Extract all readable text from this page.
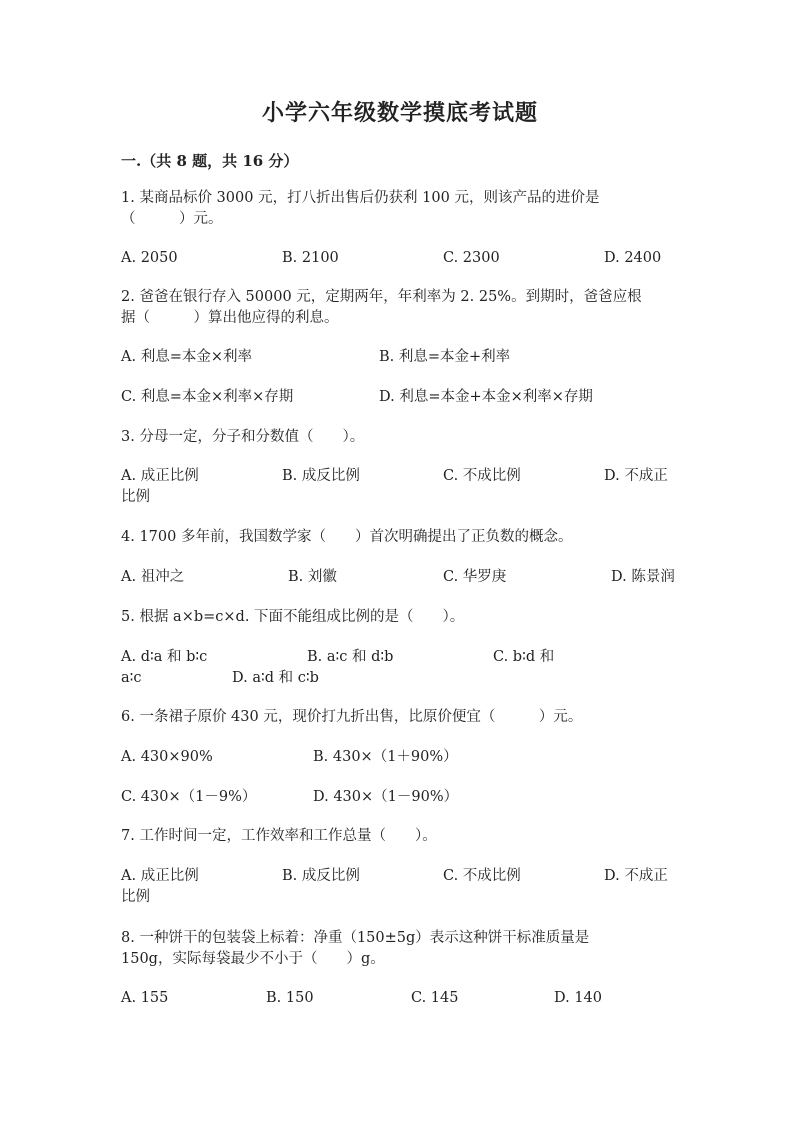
小学六年级数学摸底考试题
一.（共 8 题，共 16 分）
1. 某商品标价 3000 元，打八折出售后仍获利 100 元，则该产品的进价是
（　　　）元。
A. 2050	B. 2100	C. 2300	D. 2400
2. 爸爸在银行存入 50000 元，定期两年，年利率为 2. 25%。到期时，爸爸应根
据（　　　）算出他应得的利息。
A. 利息=本金×利率	B. 利息=本金+利率
C. 利息=本金×利率×存期	D. 利息=本金+本金×利率×存期
3. 分母一定，分子和分数值（　　）。
A. 成正比例	B. 成反比例	C. 不成比例	D. 不成正
比例
4. 1700 多年前，我国数学家（　　）首次明确提出了正负数的概念。
A. 祖冲之	B. 刘徽	C. 华罗庚	D. 陈景润
5. 根据 a×b=c×d. 下面不能组成比例的是（　　）。
A. d∶a 和 b∶c	B. a∶c 和 d∶b	C. b∶d 和
a∶c	D. a∶d 和 c∶b
6. 一条裙子原价 430 元，现价打九折出售，比原价便宜（　　　）元。
A. 430×90%	B. 430×（1＋90%）
C. 430×（1－9%）	D. 430×（1－90%）
7. 工作时间一定，工作效率和工作总量（　　）。
A. 成正比例	B. 成反比例	C. 不成比例	D. 不成正
比例
8. 一种饼干的包装袋上标着：净重（150±5g）表示这种饼干标准质量是
150g，实际每袋最少不小于（　　）g。
A. 155	B. 150	C. 145	D. 140
